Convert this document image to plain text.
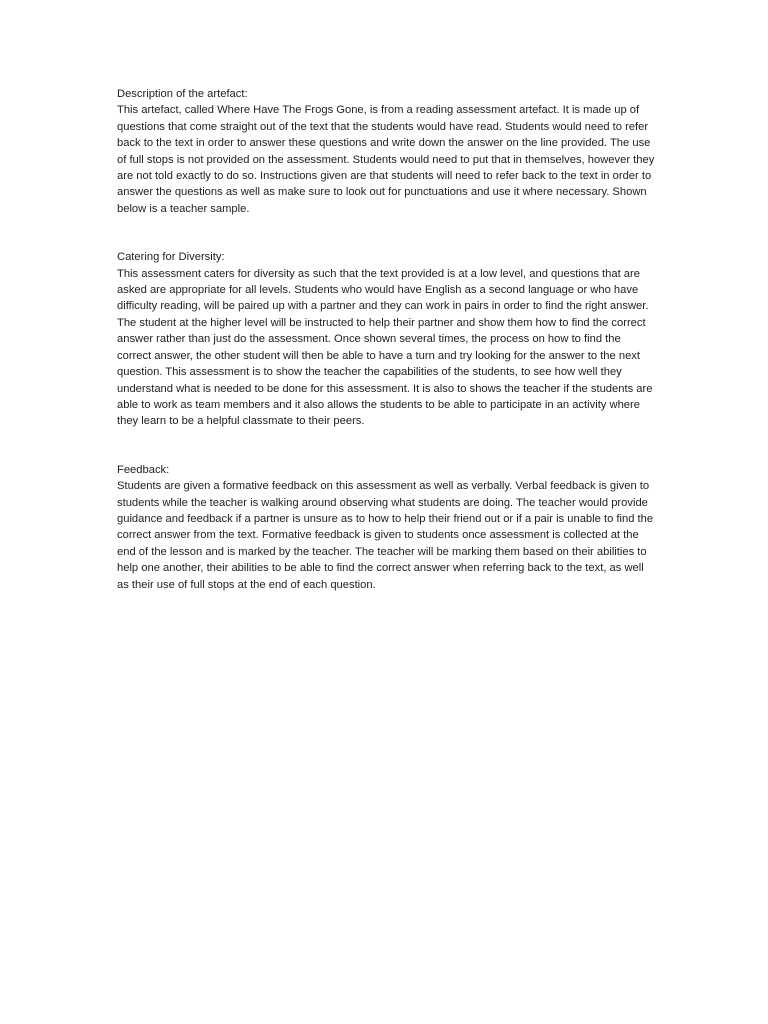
Description of the artefact:

This artefact, called Where Have The Frogs Gone, is from a reading assessment artefact. It is made up of questions that come straight out of the text that the students would have read. Students would need to refer back to the text in order to answer these questions and write down the answer on the line provided. The use of full stops is not provided on the assessment. Students would need to put that in themselves, however they are not told exactly to do so. Instructions given are that students will need to refer back to the text in order to answer the questions as well as make sure to look out for punctuations and use it where necessary. Shown below is a teacher sample.

Catering for Diversity:

This assessment caters for diversity as such that the text provided is at a low level, and questions that are asked are appropriate for all levels. Students who would have English as a second language or who have difficulty reading, will be paired up with a partner and they can work in pairs in order to find the right answer. The student at the higher level will be instructed to help their partner and show them how to find the correct answer rather than just do the assessment. Once shown several times, the process on how to find the correct answer, the other student will then be able to have a turn and try looking for the answer to the next question. This assessment is to show the teacher the capabilities of the students, to see how well they understand what is needed to be done for this assessment. It is also to shows the teacher if the students are able to work as team members and it also allows the students to be able to participate in an activity where they learn to be a helpful classmate to their peers.

Feedback:

Students are given a formative feedback on this assessment as well as verbally. Verbal feedback is given to students while the teacher is walking around observing what students are doing. The teacher would provide guidance and feedback if a partner is unsure as to how to help their friend out or if a pair is unable to find the correct answer from the text. Formative feedback is given to students once assessment is collected at the end of the lesson and is marked by the teacher. The teacher will be marking them based on their abilities to help one another, their abilities to be able to find the correct answer when referring back to the text, as well as their use of full stops at the end of each question.
